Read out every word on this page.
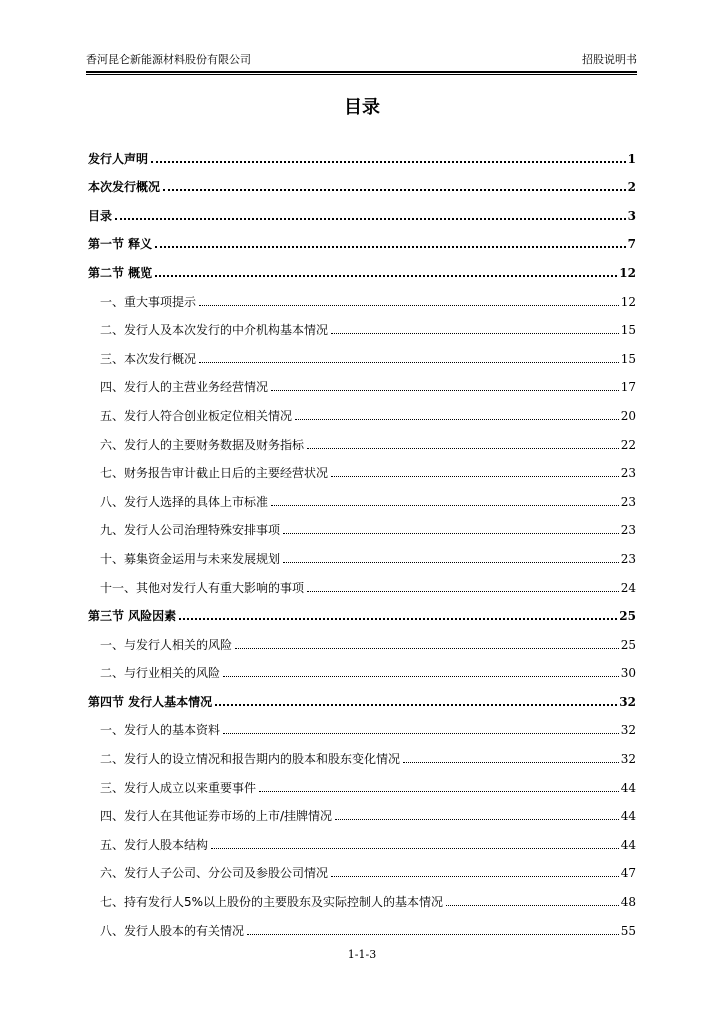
香河昆仑新能源材料股份有限公司	招股说明书
目录
发行人声明	1
本次发行概况	2
目录	3
第一节 释义	7
第二节 概览	12
一、重大事项提示	12
二、发行人及本次发行的中介机构基本情况	15
三、本次发行概况	15
四、发行人的主营业务经营情况	17
五、发行人符合创业板定位相关情况	20
六、发行人的主要财务数据及财务指标	22
七、财务报告审计截止日后的主要经营状况	23
八、发行人选择的具体上市标准	23
九、发行人公司治理特殊安排事项	23
十、募集资金运用与未来发展规划	23
十一、其他对发行人有重大影响的事项	24
第三节 风险因素	25
一、与发行人相关的风险	25
二、与行业相关的风险	30
第四节 发行人基本情况	32
一、发行人的基本资料	32
二、发行人的设立情况和报告期内的股本和股东变化情况	32
三、发行人成立以来重要事件	44
四、发行人在其他证券市场的上市/挂牌情况	44
五、发行人股本结构	44
六、发行人子公司、分公司及参股公司情况	47
七、持有发行人5%以上股份的主要股东及实际控制人的基本情况	48
八、发行人股本的有关情况	55
1-1-3
